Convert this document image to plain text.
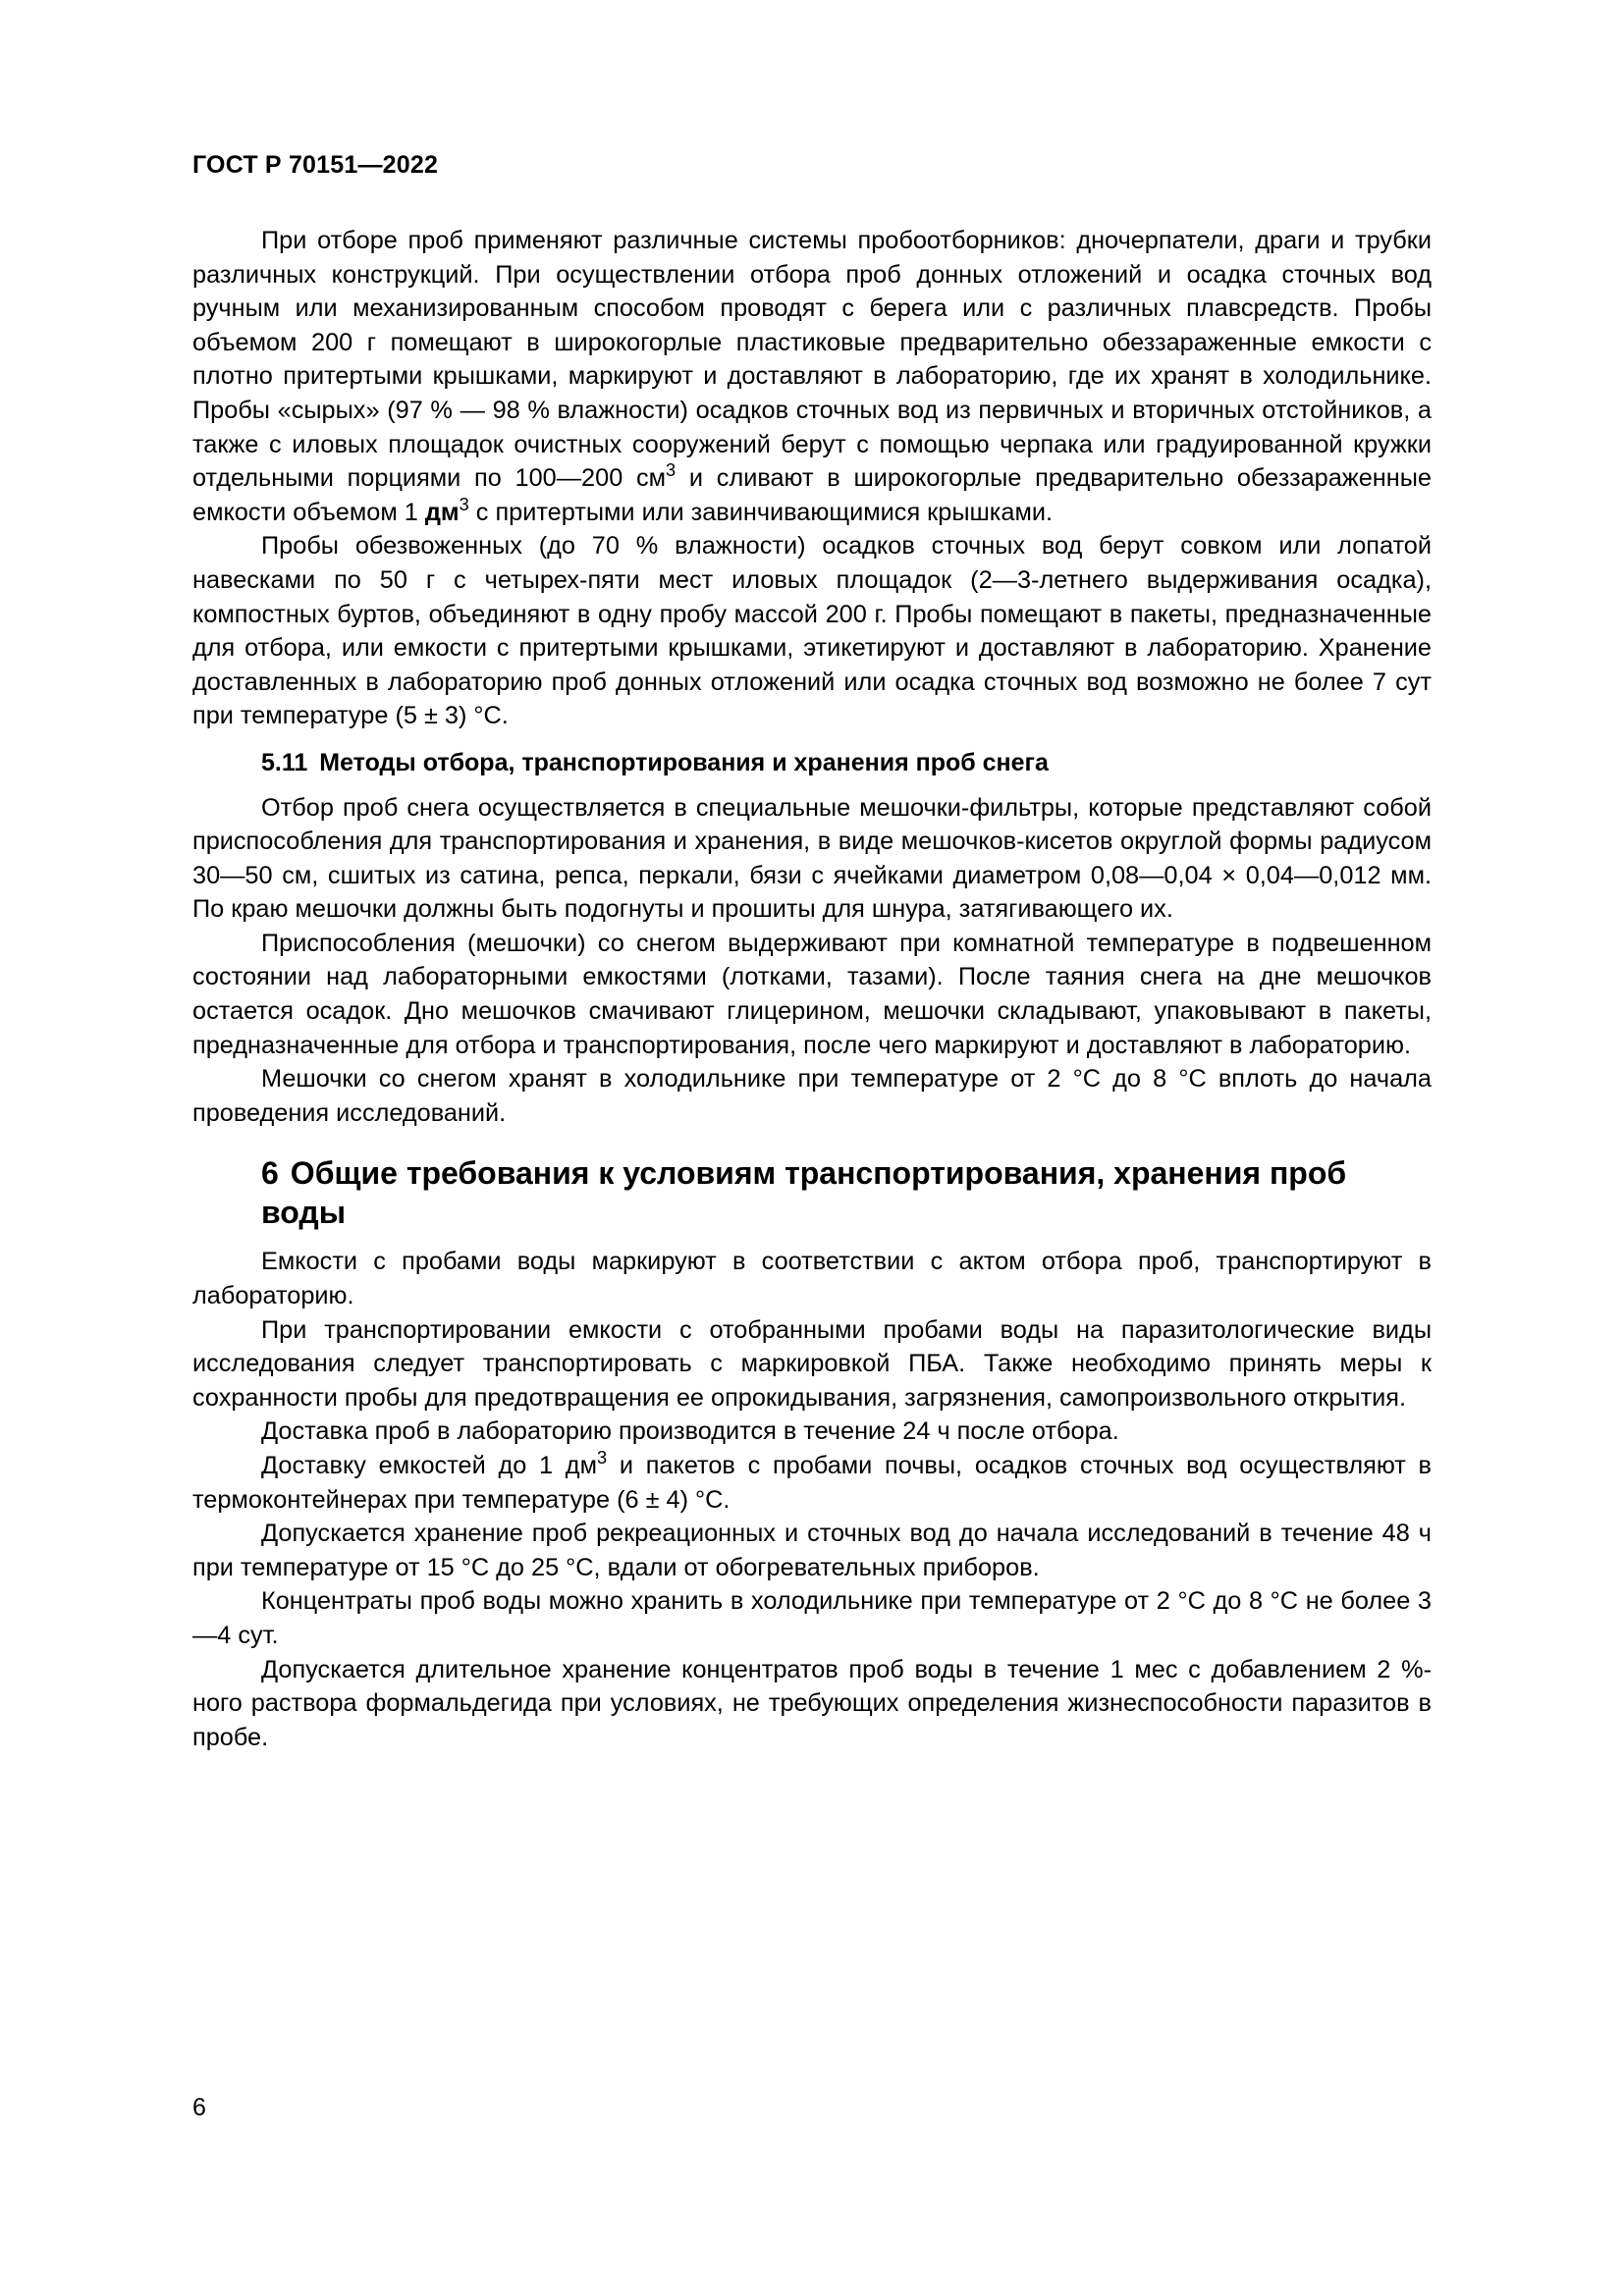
ГОСТ Р 70151—2022

При отборе проб применяют различные системы пробоотборников: дночерпатели, драги и трубки различных конструкций. При осуществлении отбора проб донных отложений и осадка сточных вод ручным или механизированным способом проводят с берега или с различных плавсредств. Пробы объемом 200 г помещают в широкогорлые пластиковые предварительно обеззараженные емкости с плотно притертыми крышками, маркируют и доставляют в лабораторию, где их хранят в холодильнике. Пробы «сырых» (97 % — 98 % влажности) осадков сточных вод из первичных и вторичных отстойников, а также с иловых площадок очистных сооружений берут с помощью черпака или градуированной кружки отдельными порциями по 100—200 $см^3$ и сливают в широкогорлые предварительно обеззараженные емкости объемом 1 $дм^3$ с притертыми или завинчивающимися крышками.

Пробы обезвоженных (до 70 % влажности) осадков сточных вод берут совком или лопатой навесками по 50 г с четырех-пяти мест иловых площадок (2—3-летнего выдерживания осадка), компостных буртов, объединяют в одну пробу массой 200 г. Пробы помещают в пакеты, предназначенные для отбора, или емкости с притертыми крышками, этикетируют и доставляют в лабораторию. Хранение доставленных в лабораторию проб донных отложений или осадка сточных вод возможно не более 7 сут при температуре (5 ± 3) °С.

5.11 Методы отбора, транспортирования и хранения проб снега

Отбор проб снега осуществляется в специальные мешочки-фильтры, которые представляют собой приспособления для транспортирования и хранения, в виде мешочков-кисетов округлой формы радиусом 30—50 см, сшитых из сатина, репса, перкали, бязи с ячейками диаметром 0,08—0,04 × 0,04—0,012 мм. По краю мешочки должны быть подогнуты и прошиты для шнура, затягивающего их.

Приспособления (мешочки) со снегом выдерживают при комнатной температуре в подвешенном состоянии над лабораторными емкостями (лотками, тазами). После таяния снега на дне мешочков остается осадок. Дно мешочков смачивают глицерином, мешочки складывают, упаковывают в пакеты, предназначенные для отбора и транспортирования, после чего маркируют и доставляют в лабораторию.

Мешочки со снегом хранят в холодильнике при температуре от 2 °С до 8 °С вплоть до начала проведения исследований.

6 Общие требования к условиям транспортирования, хранения проб воды

Емкости с пробами воды маркируют в соответствии с актом отбора проб, транспортируют в лабораторию.

При транспортировании емкости с отобранными пробами воды на паразитологические виды исследования следует транспортировать с маркировкой ПБА. Также необходимо принять меры к сохранности пробы для предотвращения ее опрокидывания, загрязнения, самопроизвольного открытия.

Доставка проб в лабораторию производится в течение 24 ч после отбора.

Доставку емкостей до 1 $дм^3$ и пакетов с пробами почвы, осадков сточных вод осуществляют в термоконтейнерах при температуре (6 ± 4) °С.

Допускается хранение проб рекреационных и сточных вод до начала исследований в течение 48 ч при температуре от 15 °С до 25 °С, вдали от обогревательных приборов.

Концентраты проб воды можно хранить в холодильнике при температуре от 2 °С до 8 °С не более 3—4 сут.

Допускается длительное хранение концентратов проб воды в течение 1 мес с добавлением 2 %-ного раствора формальдегида при условиях, не требующих определения жизнеспособности паразитов в пробе.

6
